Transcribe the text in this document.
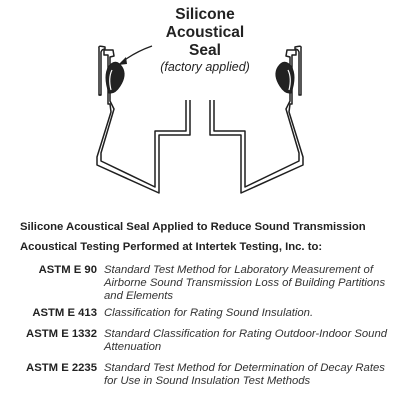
Silicone
Acoustical
Seal
(factory applied)
Silicone Acoustical Seal Applied to Reduce Sound Transmission
Acoustical Testing Performed at Intertek Testing, Inc. to:
ASTM E 90 Standard Test Method for Laboratory Measurement of Airborne Sound Transmission Loss of Building Partitions and Elements
ASTM E 413 Classification for Rating Sound Insulation.
ASTM E 1332 Standard Classification for Rating Outdoor-Indoor Sound Attenuation
ASTM E 2235 Standard Test Method for Determination of Decay Rates for Use in Sound Insulation Test Methods
